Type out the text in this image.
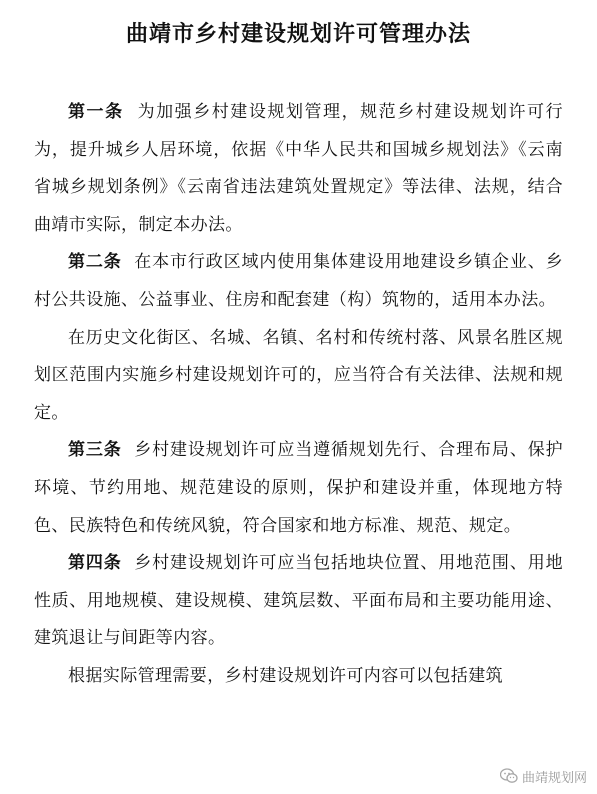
曲靖市乡村建设规划许可管理办法

第一条 为加强乡村建设规划管理，规范乡村建设规划许可行为，提升城乡人居环境，依据《中华人民共和国城乡规划法》《云南省城乡规划条例》《云南省违法建筑处置规定》等法律、法规，结合曲靖市实际，制定本办法。

第二条 在本市行政区域内使用集体建设用地建设乡镇企业、乡村公共设施、公益事业、住房和配套建（构）筑物的，适用本办法。

在历史文化街区、名城、名镇、名村和传统村落、风景名胜区规划区范围内实施乡村建设规划许可的，应当符合有关法律、法规和规定。

第三条 乡村建设规划许可应当遵循规划先行、合理布局、保护环境、节约用地、规范建设的原则，保护和建设并重，体现地方特色、民族特色和传统风貌，符合国家和地方标准、规范、规定。

第四条 乡村建设规划许可应当包括地块位置、用地范围、用地性质、用地规模、建设规模、建筑层数、平面布局和主要功能用途、建筑退让与间距等内容。

根据实际管理需要，乡村建设规划许可内容可以包括建筑

曲靖规划网
